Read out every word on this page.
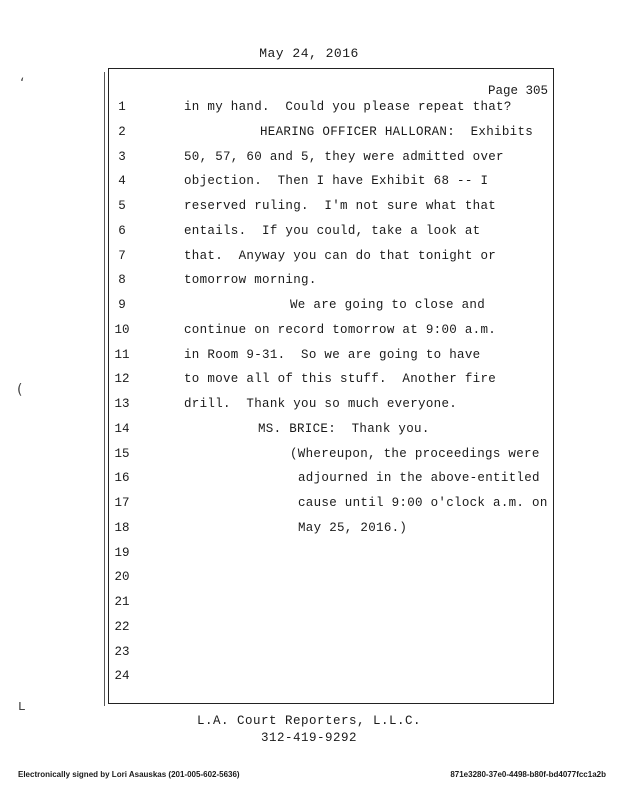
May 24, 2016
Page 305
1	in my hand.  Could you please repeat that?
2	HEARING OFFICER HALLORAN:  Exhibits
3	50, 57, 60 and 5, they were admitted over
4	objection.  Then I have Exhibit 68 -- I
5	reserved ruling.  I'm not sure what that
6	entails.  If you could, take a look at
7	that.  Anyway you can do that tonight or
8	tomorrow morning.
9	We are going to close and
10	continue on record tomorrow at 9:00 a.m.
11	in Room 9-31.  So we are going to have
12	to move all of this stuff.  Another fire
13	drill.  Thank you so much everyone.
14	MS. BRICE:  Thank you.
15	(Whereupon, the proceedings were
16	adjourned in the above-entitled
17	cause until 9:00 o'clock a.m. on
18	May 25, 2016.)
19
20
21
22
23
24
L.A. Court Reporters, L.L.C.
312-419-9292
Electronically signed by Lori Asauskas (201-005-602-5636)	871e3280-37e0-4498-b80f-bd4077fcc1a2b
‘
(
ʟ
